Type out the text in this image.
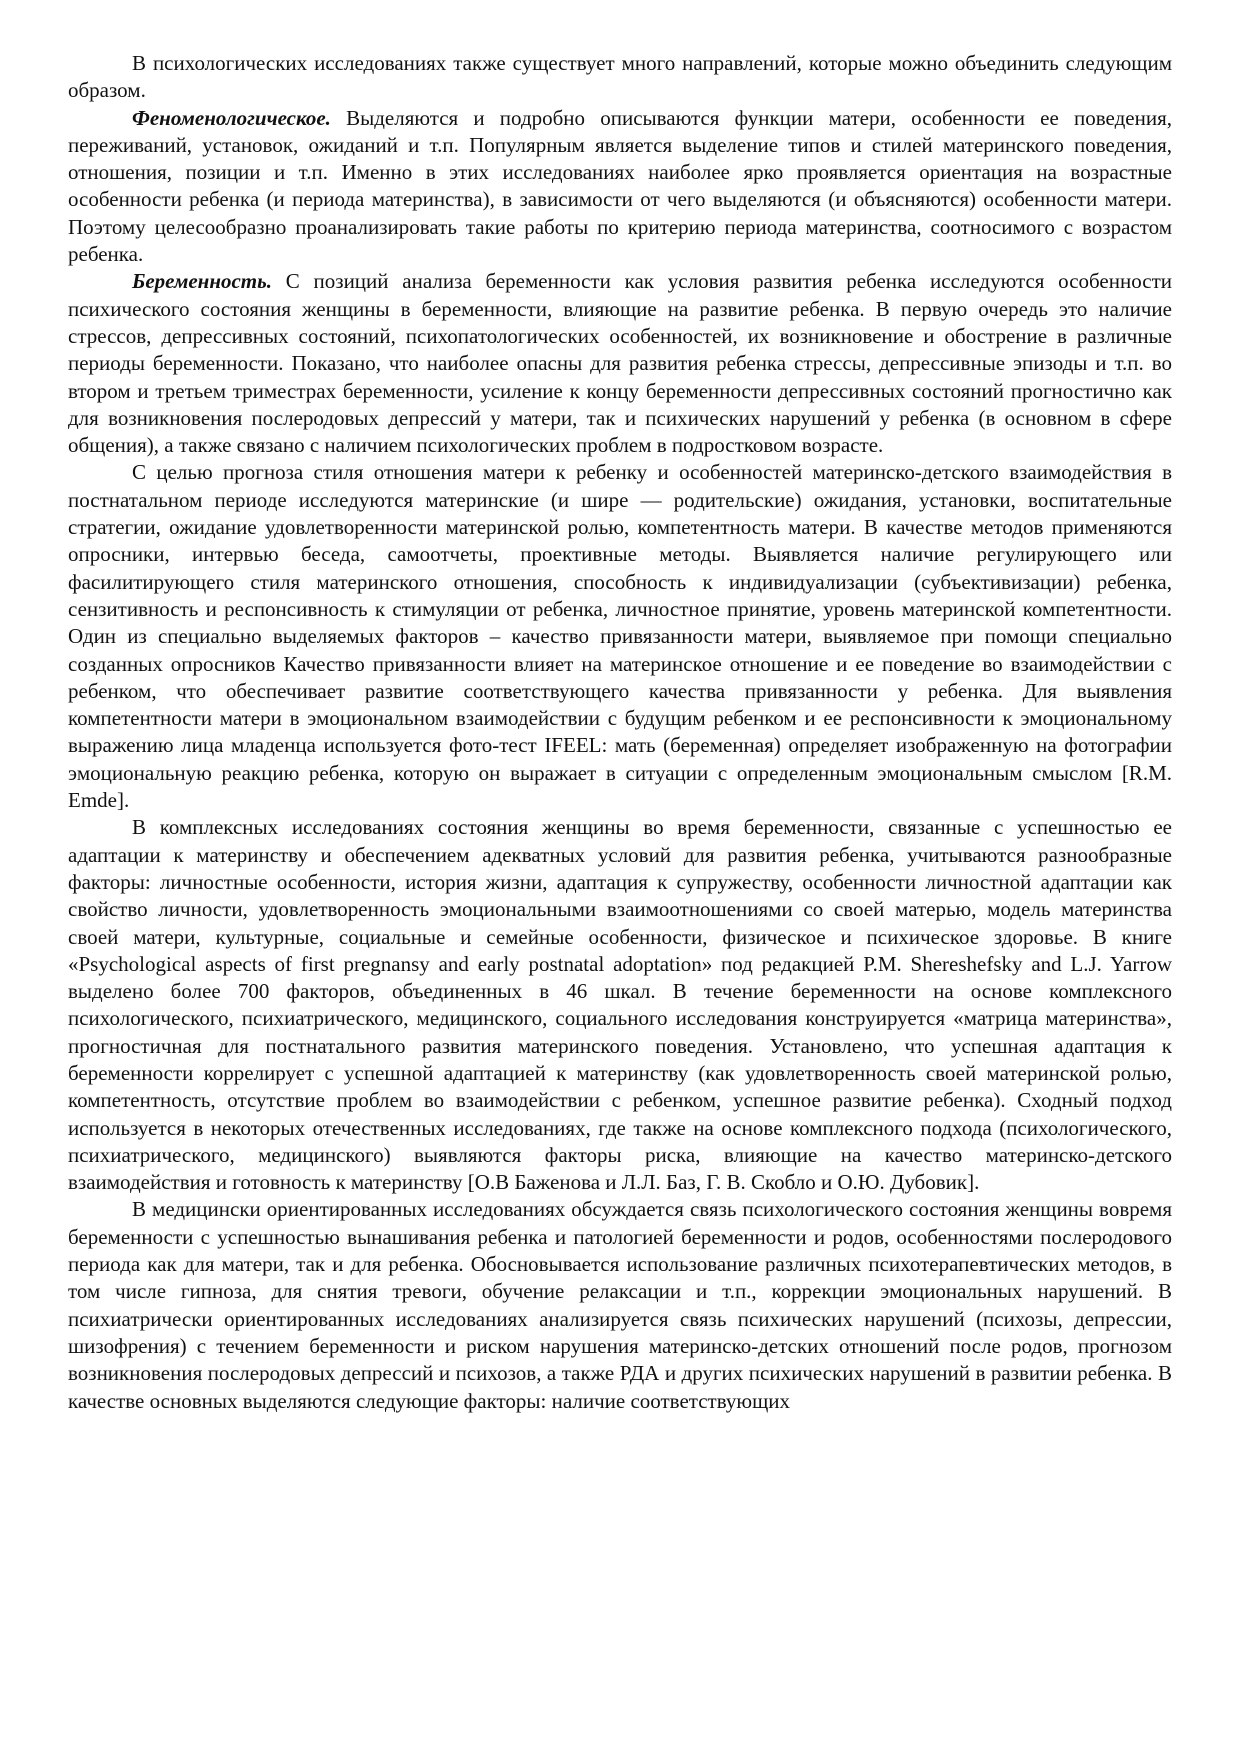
В психологических исследованиях также существует много направлений, которые можно объединить следующим образом.

Феноменологическое. Выделяются и подробно описываются функции матери, особенности ее поведения, переживаний, установок, ожиданий и т.п. Популярным является выделение типов и стилей материнского поведения, отношения, позиции и т.п. Именно в этих исследованиях наиболее ярко проявляется ориентация на возрастные особенности ребенка (и периода материнства), в зависимости от чего выделяются (и объясняются) особенности матери. Поэтому целесообразно проанализировать такие работы по критерию периода материнства, соотносимого с возрастом ребенка.

Беременность. С позиций анализа беременности как условия развития ребенка исследуются особенности психического состояния женщины в беременности, влияющие на развитие ребенка. В первую очередь это наличие стрессов, депрессивных состояний, психопатологических особенностей, их возникновение и обострение в различные периоды беременности. Показано, что наиболее опасны для развития ребенка стрессы, депрессивные эпизоды и т.п. во втором и третьем триместрах беременности, усиление к концу беременности депрессивных состояний прогностично как для возникновения послеродовых депрессий у матери, так и психических нарушений у ребенка (в основном в сфере общения), а также связано с наличием психологических проблем в подростковом возрасте.

С целью прогноза стиля отношения матери к ребенку и особенностей материнско-детского взаимодействия в постнатальном периоде исследуются материнские (и шире — родительские) ожидания, установки, воспитательные стратегии, ожидание удовлетворенности материнской ролью, компетентность матери. В качестве методов применяются опросники, интервью беседа, самоотчеты, проективные методы. Выявляется наличие регулирующего или фасилитирующего стиля материнского отношения, способность к индивидуализации (субъективизации) ребенка, сензитивность и респонсивность к стимуляции от ребенка, личностное принятие, уровень материнской компетентности. Один из специально выделяемых факторов – качество привязанности матери, выявляемое при помощи специально созданных опросников Качество привязанности влияет на материнское отношение и ее поведение во взаимодействии с ребенком, что обеспечивает развитие соответствующего качества привязанности у ребенка. Для выявления компетентности матери в эмоциональном взаимодействии с будущим ребенком и ее респонсивности к эмоциональному выражению лица младенца используется фото-тест IFEEL: мать (беременная) определяет изображенную на фотографии эмоциональную реакцию ребенка, которую он выражает в ситуации с определенным эмоциональным смыслом [R.M. Emde].

В комплексных исследованиях состояния женщины во время беременности, связанные с успешностью ее адаптации к материнству и обеспечением адекватных условий для развития ребенка, учитываются разнообразные факторы: личностные особенности, история жизни, адаптация к супружеству, особенности личностной адаптации как свойство личности, удовлетворенность эмоциональными взаимоотношениями со своей матерью, модель материнства своей матери, культурные, социальные и семейные особенности, физическое и психическое здоровье. В книге «Psychological aspects of first pregnansy and early postnatal adoptation» под редакцией P.M. Shereshefsky and L.J. Yarrow выделено более 700 факторов, объединенных в 46 шкал. В течение беременности на основе комплексного психологического, психиатрического, медицинского, социального исследования конструируется «матрица материнства», прогностичная для постнатального развития материнского поведения. Установлено, что успешная адаптация к беременности коррелирует с успешной адаптацией к материнству (как удовлетворенность своей материнской ролью, компетентность, отсутствие проблем во взаимодействии с ребенком, успешное развитие ребенка). Сходный подход используется в некоторых отечественных исследованиях, где также на основе комплексного подхода (психологического, психиатрического, медицинского) выявляются факторы риска, влияющие на качество материнско-детского взаимодействия и готовность к материнству [О.В Баженова и Л.Л. Баз, Г. В. Скобло и О.Ю. Дубовик].

В медицински ориентированных исследованиях обсуждается связь психологического состояния женщины вовремя беременности с успешностью вынашивания ребенка и патологией беременности и родов, особенностями послеродового периода как для матери, так и для ребенка. Обосновывается использование различных психотерапевтических методов, в том числе гипноза, для снятия тревоги, обучение релаксации и т.п., коррекции эмоциональных нарушений. В психиатрически ориентированных исследованиях анализируется связь психических нарушений (психозы, депрессии, шизофрения) с течением беременности и риском нарушения материнско-детских отношений после родов, прогнозом возникновения послеродовых депрессий и психозов, а также РДА и других психических нарушений в развитии ребенка. В качестве основных выделяются следующие факторы: наличие соответствующих
